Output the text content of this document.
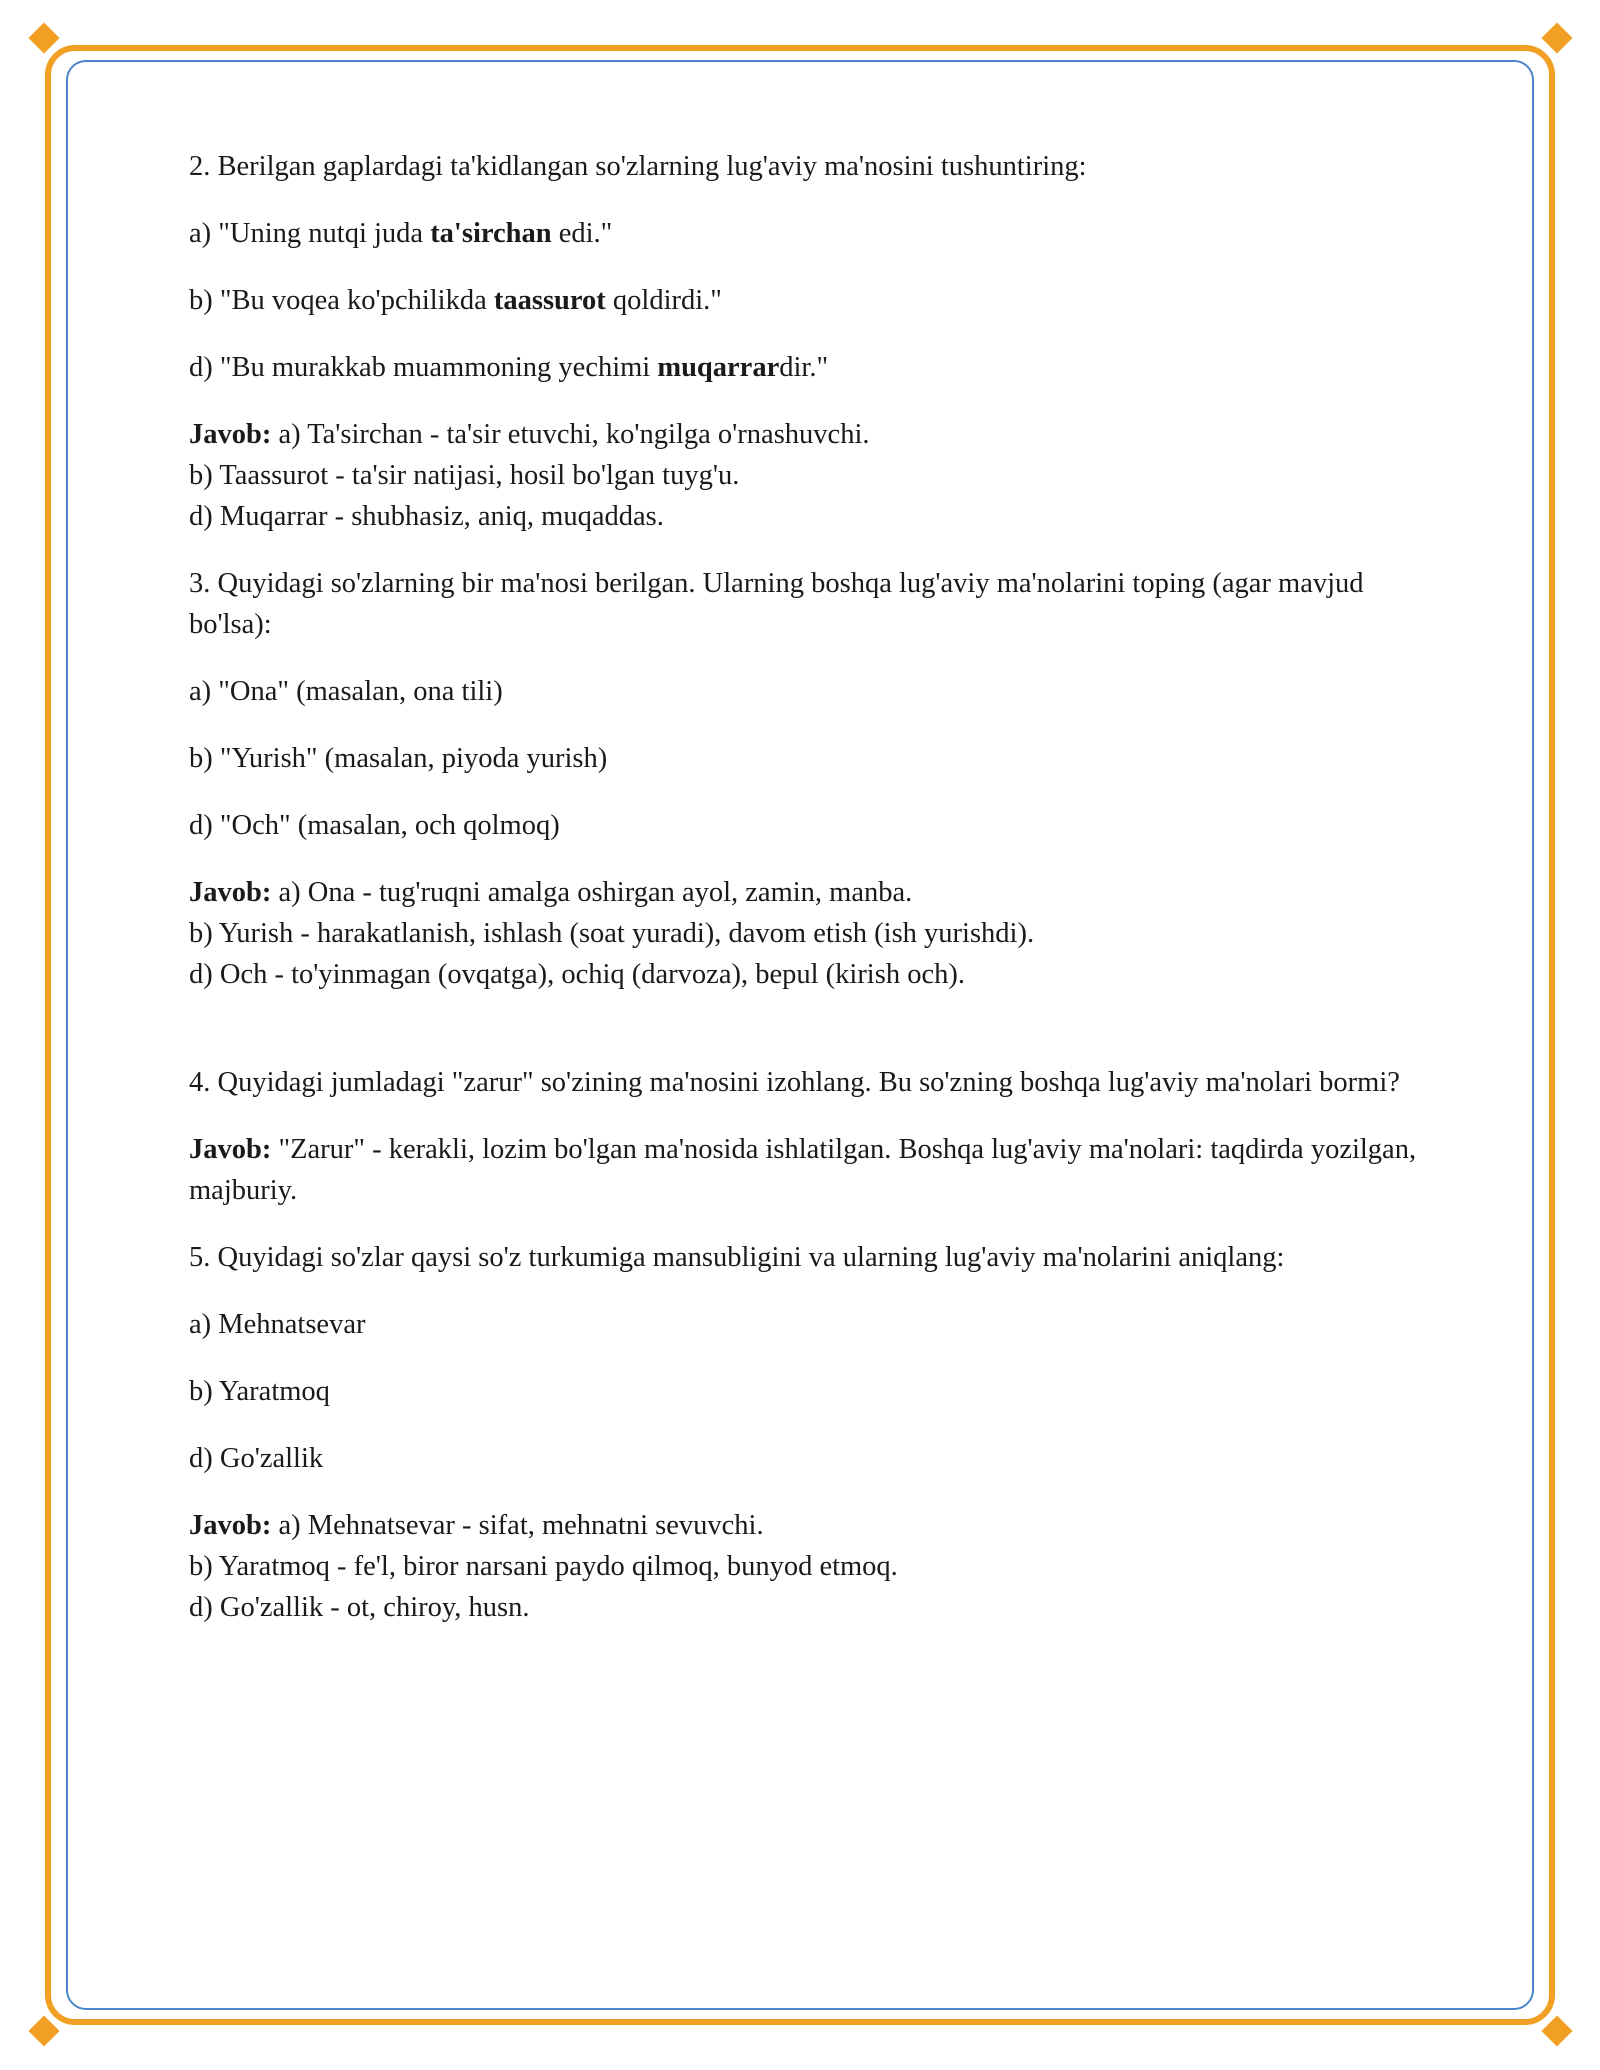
2. Berilgan gaplardagi ta'kidlangan so'zlarning lug'aviy ma'nosini tushuntiring:

a) "Uning nutqi juda ta'sirchan edi."

b) "Bu voqea ko'pchilikda taassurot qoldirdi."

d) "Bu murakkab muammoning yechimi muqarrardir."

Javob: a) Ta'sirchan - ta'sir etuvchi, ko'ngilga o'rnashuvchi.
b) Taassurot - ta'sir natijasi, hosil bo'lgan tuyg'u.
d) Muqarrar - shubhasiz, aniq, muqaddas.

3. Quyidagi so'zlarning bir ma'nosi berilgan. Ularning boshqa lug'aviy ma'nolarini toping (agar mavjud bo'lsa):

a) "Ona" (masalan, ona tili)

b) "Yurish" (masalan, piyoda yurish)

d) "Och" (masalan, och qolmoq)

Javob: a) Ona - tug'ruqni amalga oshirgan ayol, zamin, manba.
b) Yurish - harakatlanish, ishlash (soat yuradi), davom etish (ish yurishdi).
d) Och - to'yinmagan (ovqatga), ochiq (darvoza), bepul (kirish och).

4. Quyidagi jumladagi "zarur" so'zining ma'nosini izohlang. Bu so'zning boshqa lug'aviy ma'nolari bormi?

Javob: "Zarur" - kerakli, lozim bo'lgan ma'nosida ishlatilgan. Boshqa lug'aviy ma'nolari: taqdirda yozilgan, majburiy.

5. Quyidagi so'zlar qaysi so'z turkumiga mansubligini va ularning lug'aviy ma'nolarini aniqlang:

a) Mehnatsevar

b) Yaratmoq

d) Go'zallik

Javob: a) Mehnatsevar - sifat, mehnatni sevuvchi.
b) Yaratmoq - fe'l, biror narsani paydo qilmoq, bunyod etmoq.
d) Go'zallik - ot, chiroy, husn.
